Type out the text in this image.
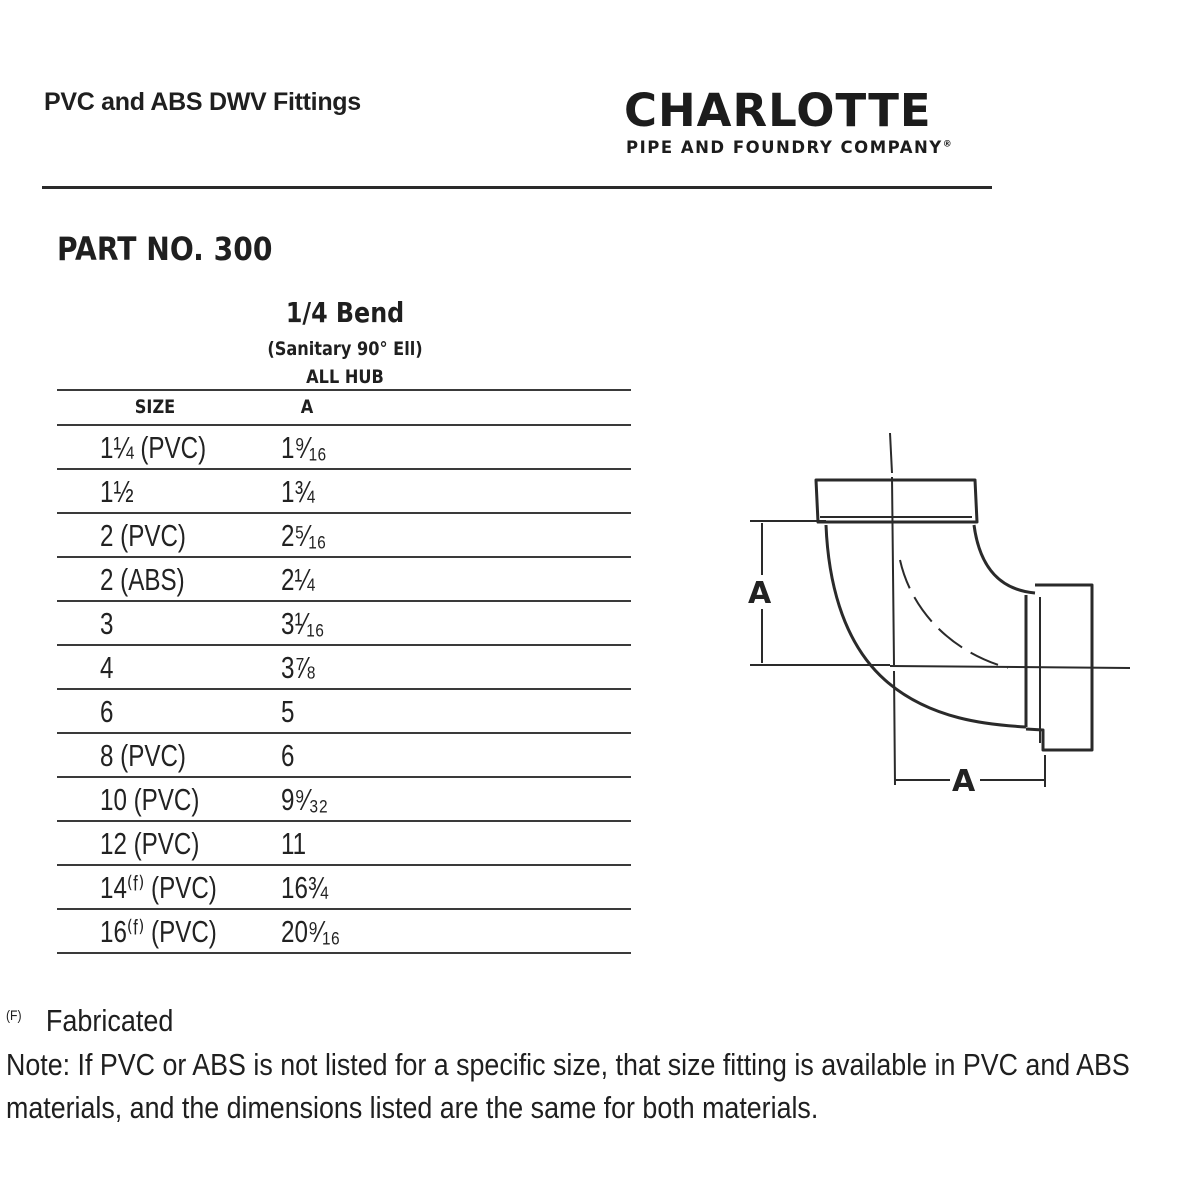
PVC and ABS DWV Fittings	CHARLOTTE
PIPE AND FOUNDRY COMPANY®
PART NO. 300
1/4 Bend
(Sanitary 90° Ell)
ALL HUB
SIZE	A
1¼ (PVC) 1⁹⁄₁₆
1½	1¾
2 (PVC)	2⁵⁄₁₆
2 (ABS)	2¼
3	3¹⁄₁₆
4	3⅞
6	5
8 (PVC)	6
10 (PVC)	9⁹⁄₃₂
12 (PVC)	11
14⁽ᶠ⁾ (PVC) 16¾
16⁽ᶠ⁾ (PVC) 20⁹⁄₁₆
A
A
$^{(F)}$ Fabricated
Note: If PVC or ABS is not listed for a specific size, that size fitting is available in PVC and ABS materials, and the dimensions listed are the same for both materials.
